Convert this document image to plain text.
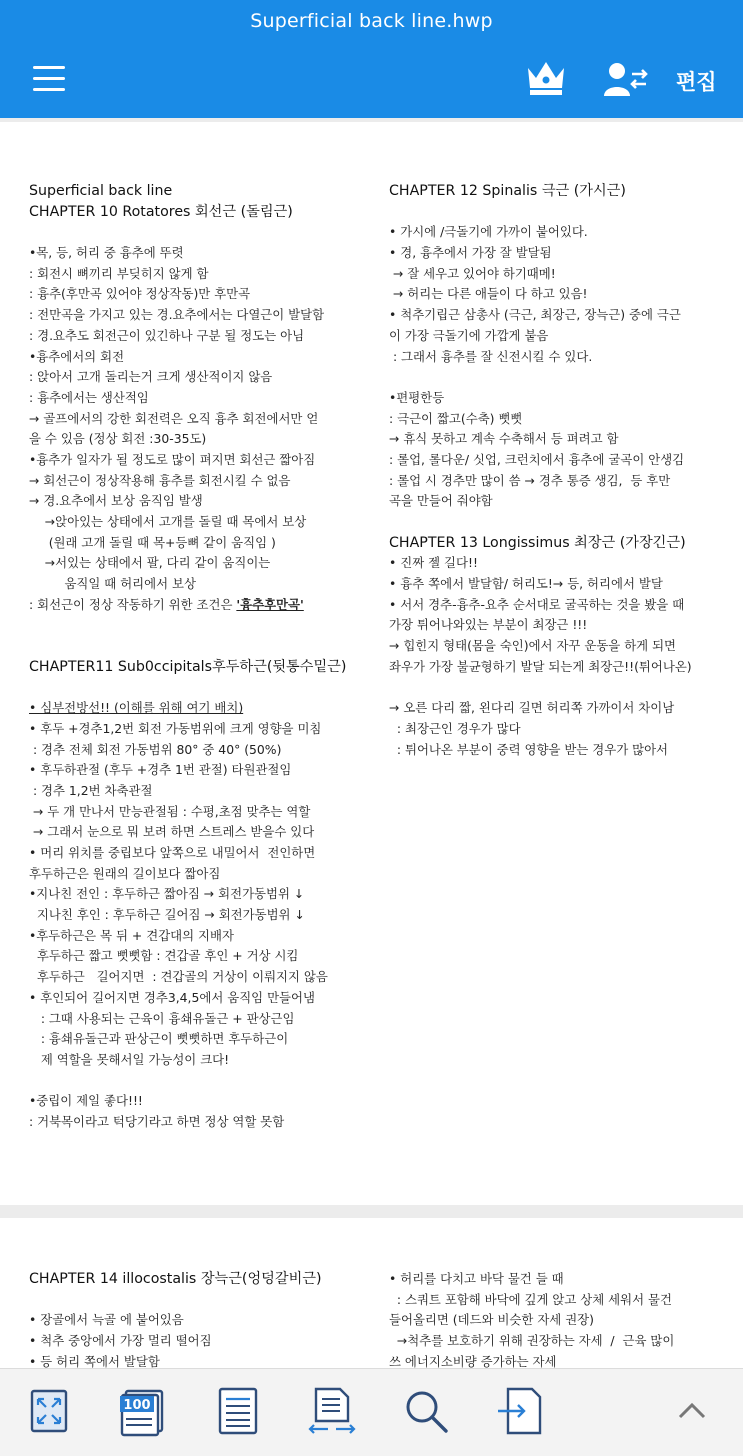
Superficial back line.hwp
편집
Superficial back line
CHAPTER 10 Rotatores 회선근 (돌림근)
•목, 등, 허리 중 흉추에 뚜렷
: 회전시 뼈끼리 부딪히지 않게 함
: 흉추(후만곡 있어야 정상작동)만 후만곡
: 전만곡을 가지고 있는 경.요추에서는 다열근이 발달함
: 경.요추도 회전근이 있긴하나 구분 될 정도는 아님
•흉추에서의 회전
: 앉아서 고개 돌리는거 크게 생산적이지 않음
: 흉추에서는 생산적임
→ 골프에서의 강한 회전력은 오직 흉추 회전에서만 얻
을 수 있음 (정상 회전 :30-35도)
•흉추가 일자가 될 정도로 많이 펴지면 회선근 짧아짐
→ 회선근이 정상작용해 흉추를 회전시킬 수 없음
→ 경.요추에서 보상 움직임 발생
→앉아있는 상태에서 고개를 돌릴 때 목에서 보상
(원래 고개 돌릴 때 목+등뼈 같이 움직임 )
→서있는 상태에서 팔, 다리 같이 움직이는
움직일 때 허리에서 보상
: 회선근이 정상 작동하기 위한 조건은 '흉추후만곡'
CHAPTER11 Sub0ccipitals후두하근(뒷통수밑근)
• 심부전방선!! (이해를 위해 여기 배치)
• 후두 +경추1,2번 회전 가동범위에 크게 영향을 미침
: 경추 전체 회전 가동범위 80° 중 40° (50%)
• 후두하관절 (후두 +경추 1번 관절) 타원관절임
: 경추 1,2번 차축관절
→ 두 개 만나서 만능관절됨 : 수평,초점 맞추는 역할
→ 그래서 눈으로 뭐 보려 하면 스트레스 받을수 있다
• 머리 위치를 중립보다 앞쪽으로 내밀어서  전인하면
후두하근은 원래의 길이보다 짧아짐
•지나친 전인 : 후두하근 짧아짐 → 회전가동범위 ↓
지나친 후인 : 후두하근 길어짐 → 회전가동범위 ↓
•후두하근은 목 뒤 + 견갑대의 지배자
후두하근 짧고 뻣뻣함 : 견갑골 후인 + 거상 시킴
후두하근   길어지면  : 견갑골의 거상이 이뤄지지 않음
• 후인되어 길어지면 경추3,4,5에서 움직임 만들어냄
: 그때 사용되는 근육이 흉쇄유돌근 + 판상근임
: 흉쇄유돌근과 판상근이 뻣뻣하면 후두하근이
제 역할을 못해서일 가능성이 크다!
•중립이 제일 좋다!!!
: 거북목이라고 턱당기라고 하면 정상 역할 못함
CHAPTER 12 Spinalis 극근 (가시근)
• 가시에 /극돌기에 가까이 붙어있다.
• 경, 흉추에서 가장 잘 발달됨
→ 잘 세우고 있어야 하기때메!
→ 허리는 다른 애들이 다 하고 있음!
• 척추기립근 삼총사 (극근, 최장근, 장늑근) 중에 극근
이 가장 극돌기에 가깝게 붙음
: 그래서 흉추를 잘 신전시킬 수 있다.
•편평한등
: 극근이 짧고(수축) 뻣뻣
→ 휴식 못하고 계속 수축해서 등 펴려고 함
: 롤업, 롤다운/ 싯업, 크런치에서 흉추에 굴곡이 안생김
: 롤업 시 경추만 많이 씀 → 경추 통증 생김,  등 후만
곡을 만들어 줘야함
CHAPTER 13 Longissimus 최장근 (가장긴근)
• 진짜 젤 길다!!
• 흉추 쪽에서 발달함/ 허리도!→ 등, 허리에서 발달
• 서서 경추-흉추-요추 순서대로 굴곡하는 것을 봤을 때
가장 튀어나와있는 부분이 최장근 !!!
→ 힙힌지 형태(몸을 숙인)에서 자꾸 운동을 하게 되면
좌우가 가장 불균형하기 발달 되는게 최장근!!(튀어나온)
→ 오른 다리 짧, 왼다리 길면 허리쪽 가까이서 차이남
: 최장근인 경우가 많다
: 튀어나온 부분이 중력 영향을 받는 경우가 많아서
CHAPTER 14 illocostalis 장늑근(엉덩갈비근)
• 장골에서 늑골 에 붙어있음
• 척추 중앙에서 가장 멀리 떨어짐
• 등 허리 쪽에서 발달함
• 허리를 다치고 바닥 물건 들 때
: 스쿼트 포함해 바닥에 깊게 앉고 상체 세워서 물건
들어올리면 (데드와 비슷한 자세 권장)
→척추를 보호하기 위해 권장하는 자세  /  근육 많이
쓰 에너지소비량 증가하는 자세
100
